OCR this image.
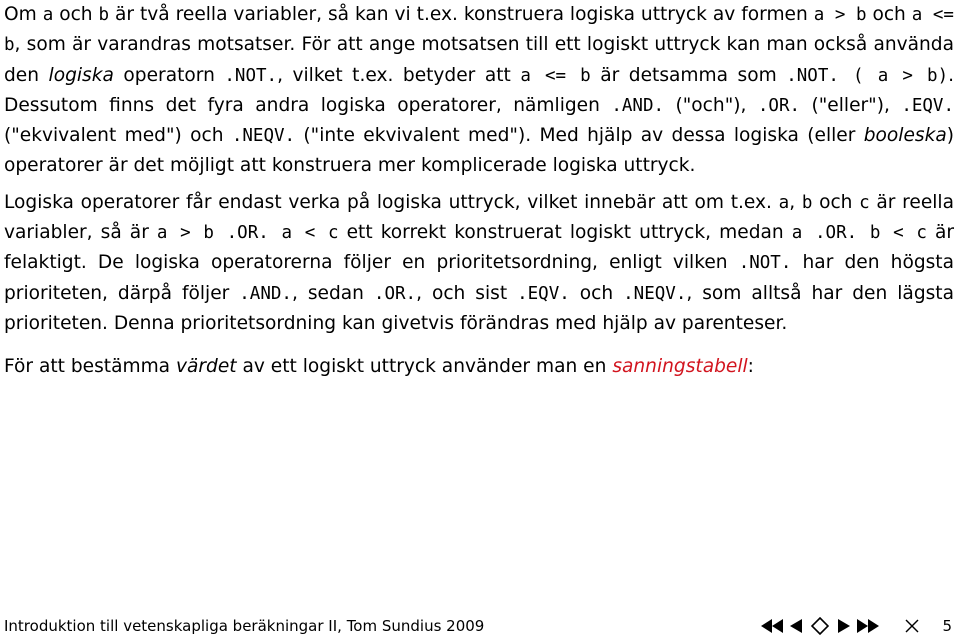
Om a och b är två reella variabler, så kan vi t.ex. konstruera logiska uttryck av formen a > b och a <= b, som är varandras motsatser. För att ange motsatsen till ett logiskt uttryck kan man också använda den logiska operatorn .NOT., vilket t.ex. betyder att a <= b är detsamma som .NOT. ( a > b). Dessutom finns det fyra andra logiska operatorer, nämligen .AND. ("och"), .OR. ("eller"), .EQV. ("ekvivalent med") och .NEQV. ("inte ekvivalent med"). Med hjälp av dessa logiska (eller booleska) operatorer är det möjligt att konstruera mer komplicerade logiska uttryck.

Logiska operatorer får endast verka på logiska uttryck, vilket innebär att om t.ex. a, b och c är reella variabler, så är a > b .OR. a < c ett korrekt konstruerat logiskt uttryck, medan a .OR. b < c är felaktigt. De logiska operatorerna följer en prioritetsordning, enligt vilken .NOT. har den högsta prioriteten, därpå följer .AND., sedan .OR., och sist .EQV. och .NEQV., som alltså har den lägsta prioriteten. Denna prioritetsordning kan givetvis förändras med hjälp av parenteser.

För att bestämma värdet av ett logiskt uttryck använder man en sanningstabell:

Introduktion till vetenskapliga beräkningar II, Tom Sundius 2009	5
